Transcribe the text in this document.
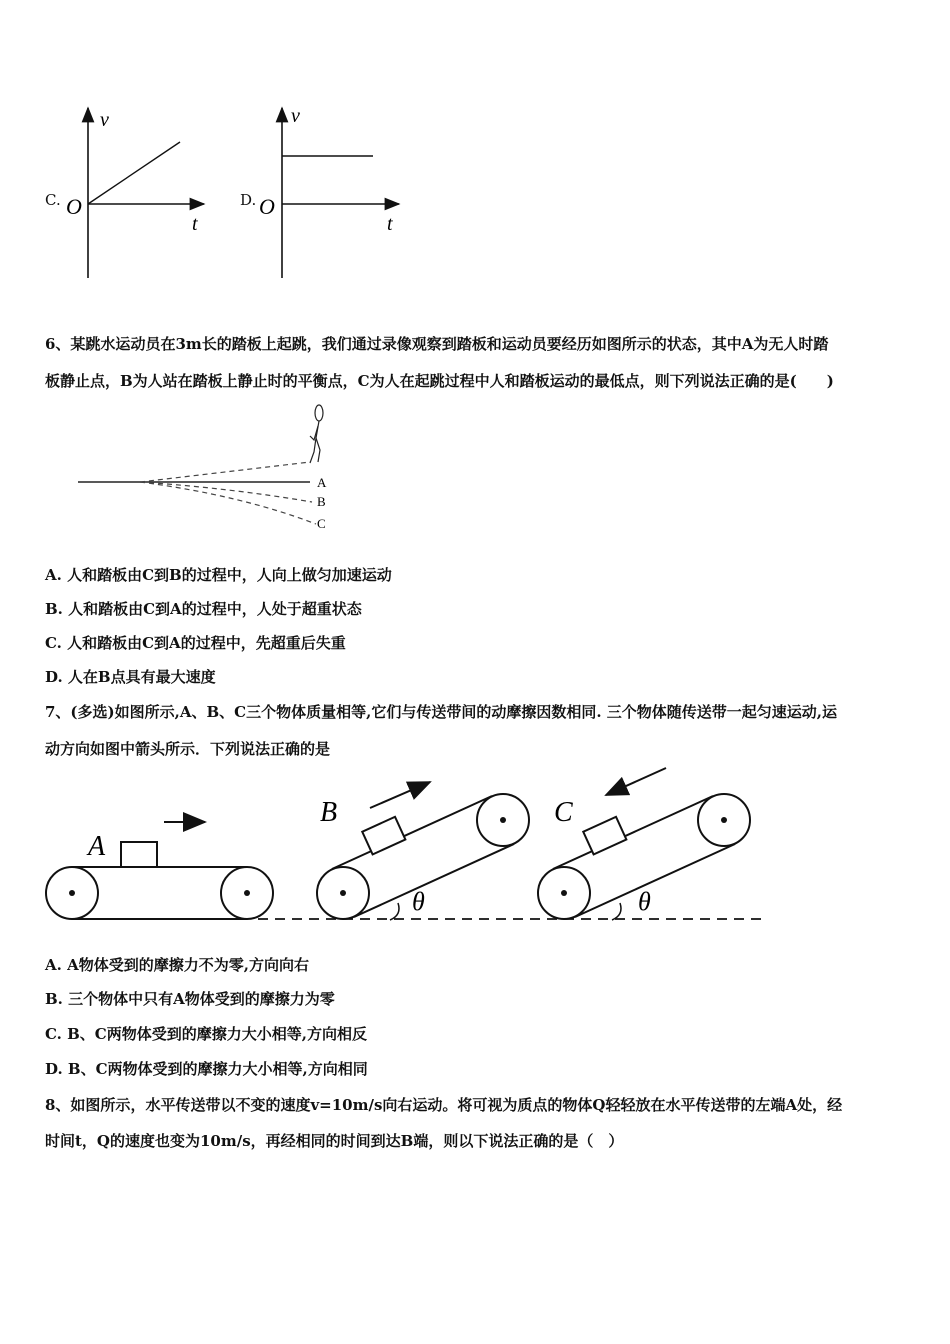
C.
v
t
O	D.
v
t
O
6、某跳水运动员在3m长的踏板上起跳，我们通过录像观察到踏板和运动员要经历如图所示的状态，其中A为无人时踏
板静止点，B为人站在踏板上静止时的平衡点，C为人在起跳过程中人和踏板运动的最低点，则下列说法正确的是(　　)
A
B
C
A. 人和踏板由C到B的过程中，人向上做匀加速运动
B. 人和踏板由C到A的过程中，人处于超重状态
C. 人和踏板由C到A的过程中，先超重后失重
D. 人在B点具有最大速度
7、(多选)如图所示,A、B、C三个物体质量相等,它们与传送带间的动摩擦因数相同. 三个物体随传送带一起匀速运动,运
动方向如图中箭头所示．下列说法正确的是
A
B
θ
C
θ
A. A物体受到的摩擦力不为零,方向向右
B. 三个物体中只有A物体受到的摩擦力为零
C. B、C两物体受到的摩擦力大小相等,方向相反
D. B、C两物体受到的摩擦力大小相等,方向相同
8、如图所示，水平传送带以不变的速度v=10m/s向右运动。将可视为质点的物体Q轻轻放在水平传送带的左端A处，经
时间t，Q的速度也变为10m/s，再经相同的时间到达B端，则以下说法正确的是（　）
